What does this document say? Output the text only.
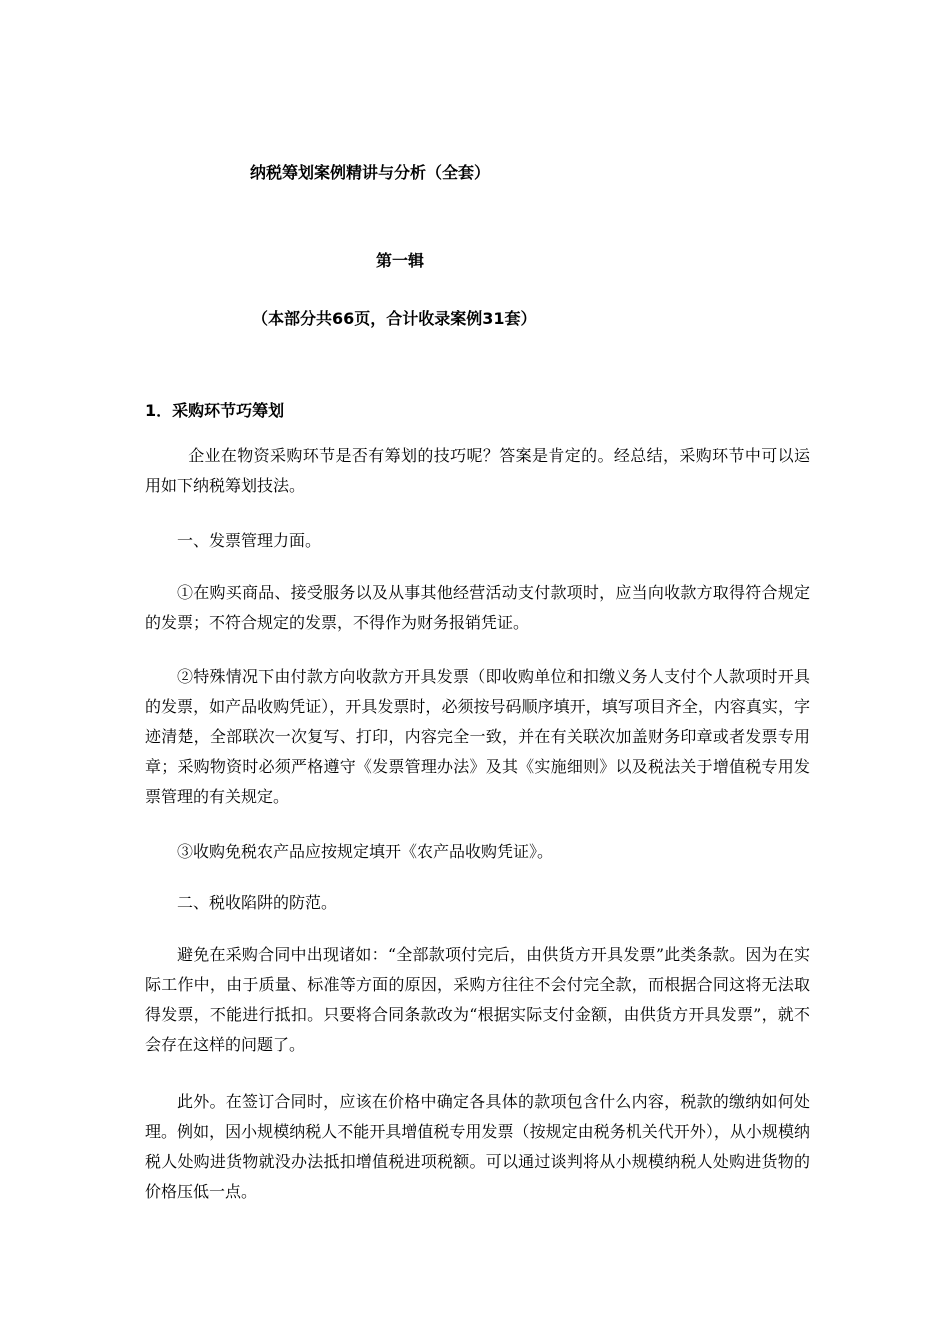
纳税筹划案例精讲与分析（全套）
第一辑
（本部分共66页，合计收录案例31套）
1．采购环节巧筹划

企业在物资采购环节是否有筹划的技巧呢？答案是肯定的。经总结，采购环节中可以运用如下纳税筹划技法。

一、发票管理力面。

①在购买商品、接受服务以及从事其他经营活动支付款项时，应当向收款方取得符合规定的发票；不符合规定的发票，不得作为财务报销凭证。

②特殊情况下由付款方向收款方开具发票（即收购单位和扣缴义务人支付个人款项时开具的发票，如产品收购凭证），开具发票时，必须按号码顺序填开，填写项目齐全，内容真实，字迹清楚，全部联次一次复写、打印，内容完全一致，并在有关联次加盖财务印章或者发票专用章；采购物资时必须严格遵守《发票管理办法》及其《实施细则》以及税法关于增值税专用发票管理的有关规定。

③收购免税农产品应按规定填开《农产品收购凭证》。

二、税收陷阱的防范。

避免在采购合同中出现诸如：“全部款项付完后，由供货方开具发票”此类条款。因为在实际工作中，由于质量、标准等方面的原因，采购方往往不会付完全款，而根据合同这将无法取得发票，不能进行抵扣。只要将合同条款改为“根据实际支付金额，由供货方开具发票”，就不会存在这样的问题了。

此外。在签订合同时，应该在价格中确定各具体的款项包含什么内容，税款的缴纳如何处理。例如，因小规模纳税人不能开具增值税专用发票（按规定由税务机关代开外），从小规模纳税人处购进货物就没办法抵扣增值税进项税额。可以通过谈判将从小规模纳税人处购进货物的价格压低一点。
